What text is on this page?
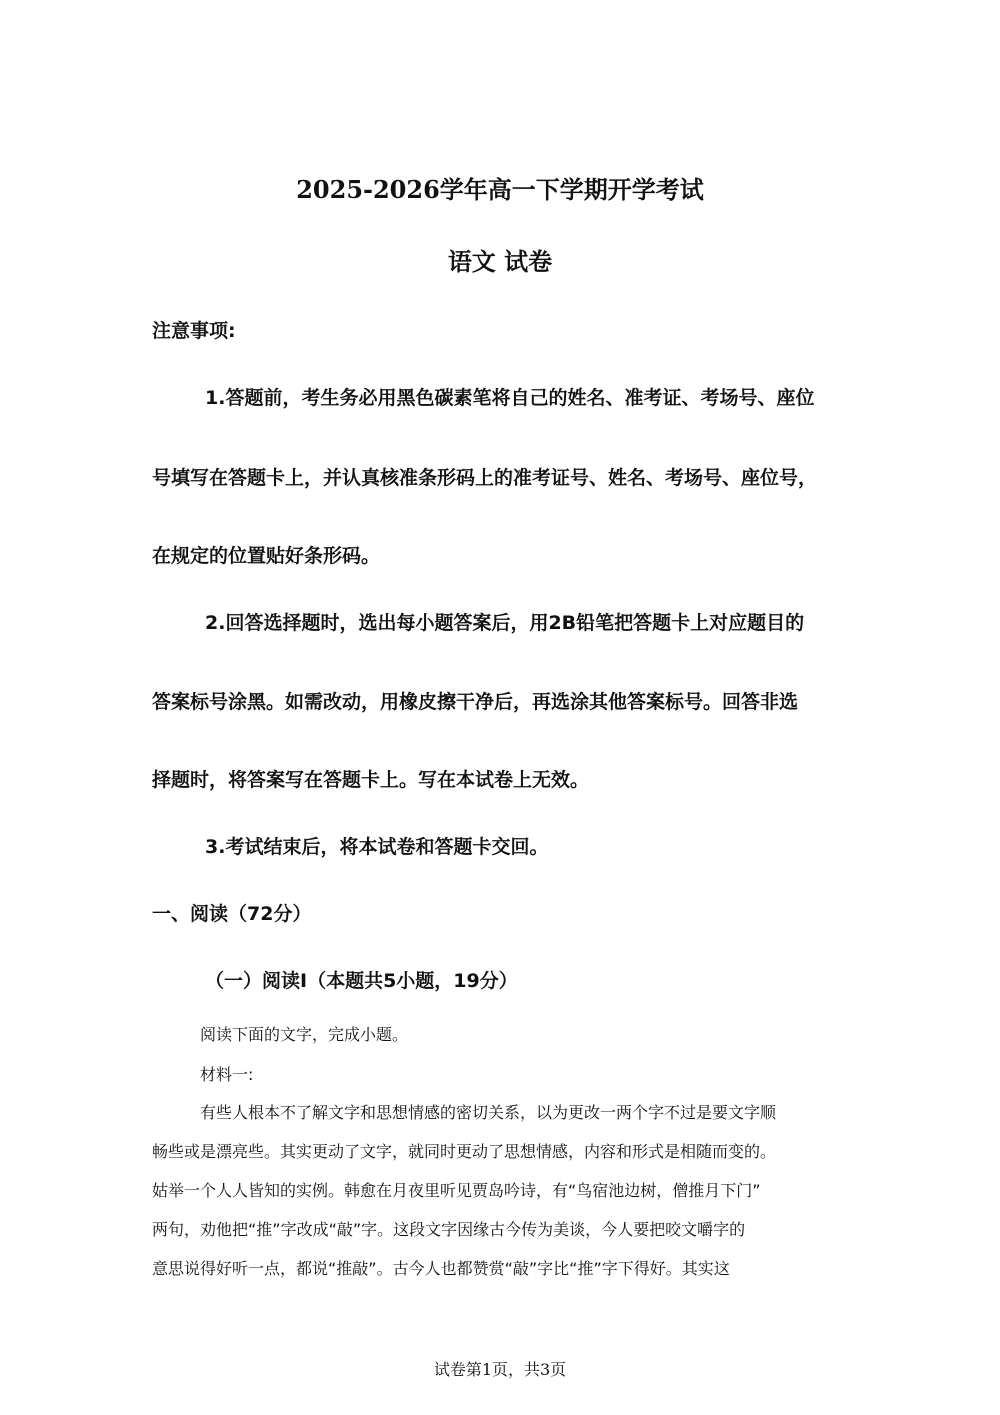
2025-2026学年高一下学期开学考试
语文 试卷
注意事项:
1.答题前，考生务必用黑色碳素笔将自己的姓名、准考证、考场号、座位
号填写在答题卡上，并认真核准条形码上的准考证号、姓名、考场号、座位号，
在规定的位置贴好条形码。
2.回答选择题时，选出每小题答案后，用2B铅笔把答题卡上对应题目的
答案标号涂黑。如需改动，用橡皮擦干净后，再选涂其他答案标号。回答非选
择题时，将答案写在答题卡上。写在本试卷上无效。
3.考试结束后，将本试卷和答题卡交回。
一、阅读（72分）
（一）阅读I（本题共5小题，19分）
阅读下面的文字，完成小题。
材料一:
有些人根本不了解文字和思想情感的密切关系，以为更改一两个字不过是要文字顺
畅些或是漂亮些。其实更动了文字，就同时更动了思想情感，内容和形式是相随而变的。
姑举一个人人皆知的实例。韩愈在月夜里听见贾岛吟诗，有“鸟宿池边树，僧推月下门”
两句，劝他把“推”字改成“敲”字。这段文字因缘古今传为美谈，今人要把咬文嚼字的
意思说得好听一点，都说“推敲”。古今人也都赞赏“敲”字比“推”字下得好。其实这
试卷第1页，共3页
